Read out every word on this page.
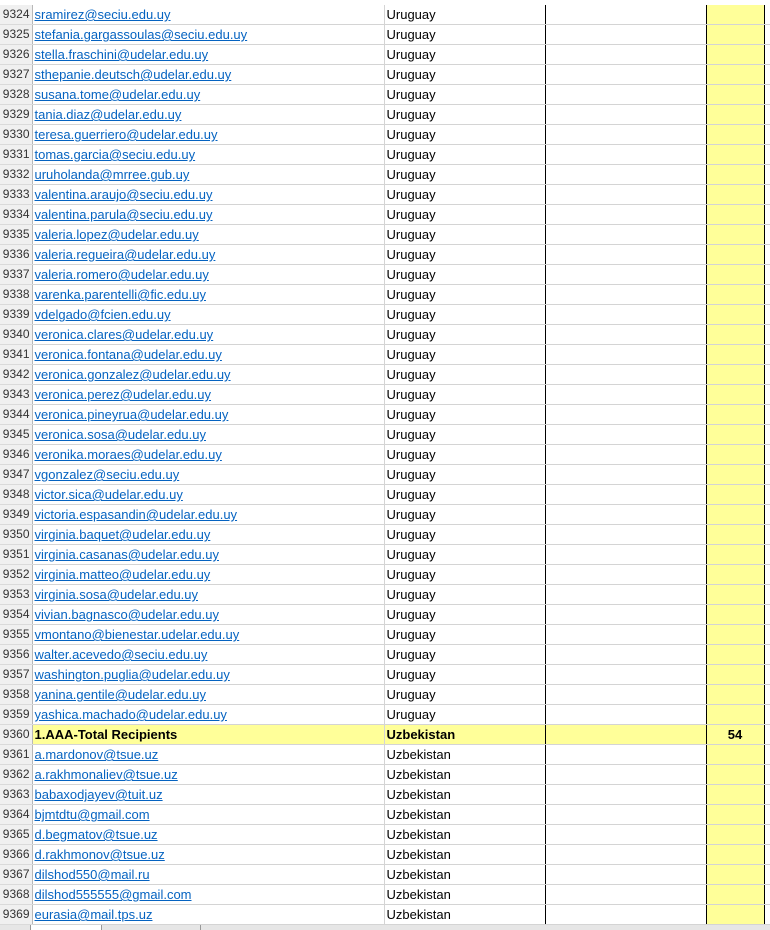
9324	sramirez@seciu.edu.uy	Uruguay			
9325	stefania.gargassoulas@seciu.edu.uy	Uruguay			
9326	stella.fraschini@udelar.edu.uy	Uruguay			
9327	sthepanie.deutsch@udelar.edu.uy	Uruguay			
9328	susana.tome@udelar.edu.uy	Uruguay			
9329	tania.diaz@udelar.edu.uy	Uruguay			
9330	teresa.guerriero@udelar.edu.uy	Uruguay			
9331	tomas.garcia@seciu.edu.uy	Uruguay			
9332	uruholanda@mrree.gub.uy	Uruguay			
9333	valentina.araujo@seciu.edu.uy	Uruguay			
9334	valentina.parula@seciu.edu.uy	Uruguay			
9335	valeria.lopez@udelar.edu.uy	Uruguay			
9336	valeria.regueira@udelar.edu.uy	Uruguay			
9337	valeria.romero@udelar.edu.uy	Uruguay			
9338	varenka.parentelli@fic.edu.uy	Uruguay			
9339	vdelgado@fcien.edu.uy	Uruguay			
9340	veronica.clares@udelar.edu.uy	Uruguay			
9341	veronica.fontana@udelar.edu.uy	Uruguay			
9342	veronica.gonzalez@udelar.edu.uy	Uruguay			
9343	veronica.perez@udelar.edu.uy	Uruguay			
9344	veronica.pineyrua@udelar.edu.uy	Uruguay			
9345	veronica.sosa@udelar.edu.uy	Uruguay			
9346	veronika.moraes@udelar.edu.uy	Uruguay			
9347	vgonzalez@seciu.edu.uy	Uruguay			
9348	victor.sica@udelar.edu.uy	Uruguay			
9349	victoria.espasandin@udelar.edu.uy	Uruguay			
9350	virginia.baquet@udelar.edu.uy	Uruguay			
9351	virginia.casanas@udelar.edu.uy	Uruguay			
9352	virginia.matteo@udelar.edu.uy	Uruguay			
9353	virginia.sosa@udelar.edu.uy	Uruguay			
9354	vivian.bagnasco@udelar.edu.uy	Uruguay			
9355	vmontano@bienestar.udelar.edu.uy	Uruguay			
9356	walter.acevedo@seciu.edu.uy	Uruguay			
9357	washington.puglia@udelar.edu.uy	Uruguay			
9358	yanina.gentile@udelar.edu.uy	Uruguay			
9359	yashica.machado@udelar.edu.uy	Uruguay			
9360	1.AAA-Total Recipients	Uzbekistan		54	
9361	a.mardonov@tsue.uz	Uzbekistan			
9362	a.rakhmonaliev@tsue.uz	Uzbekistan			
9363	babaxodjayev@tuit.uz	Uzbekistan			
9364	bjmtdtu@gmail.com	Uzbekistan			
9365	d.begmatov@tsue.uz	Uzbekistan			
9366	d.rakhmonov@tsue.uz	Uzbekistan			
9367	dilshod550@mail.ru	Uzbekistan			
9368	dilshod555555@gmail.com	Uzbekistan			
9369	eurasia@mail.tps.uz	Uzbekistan			
